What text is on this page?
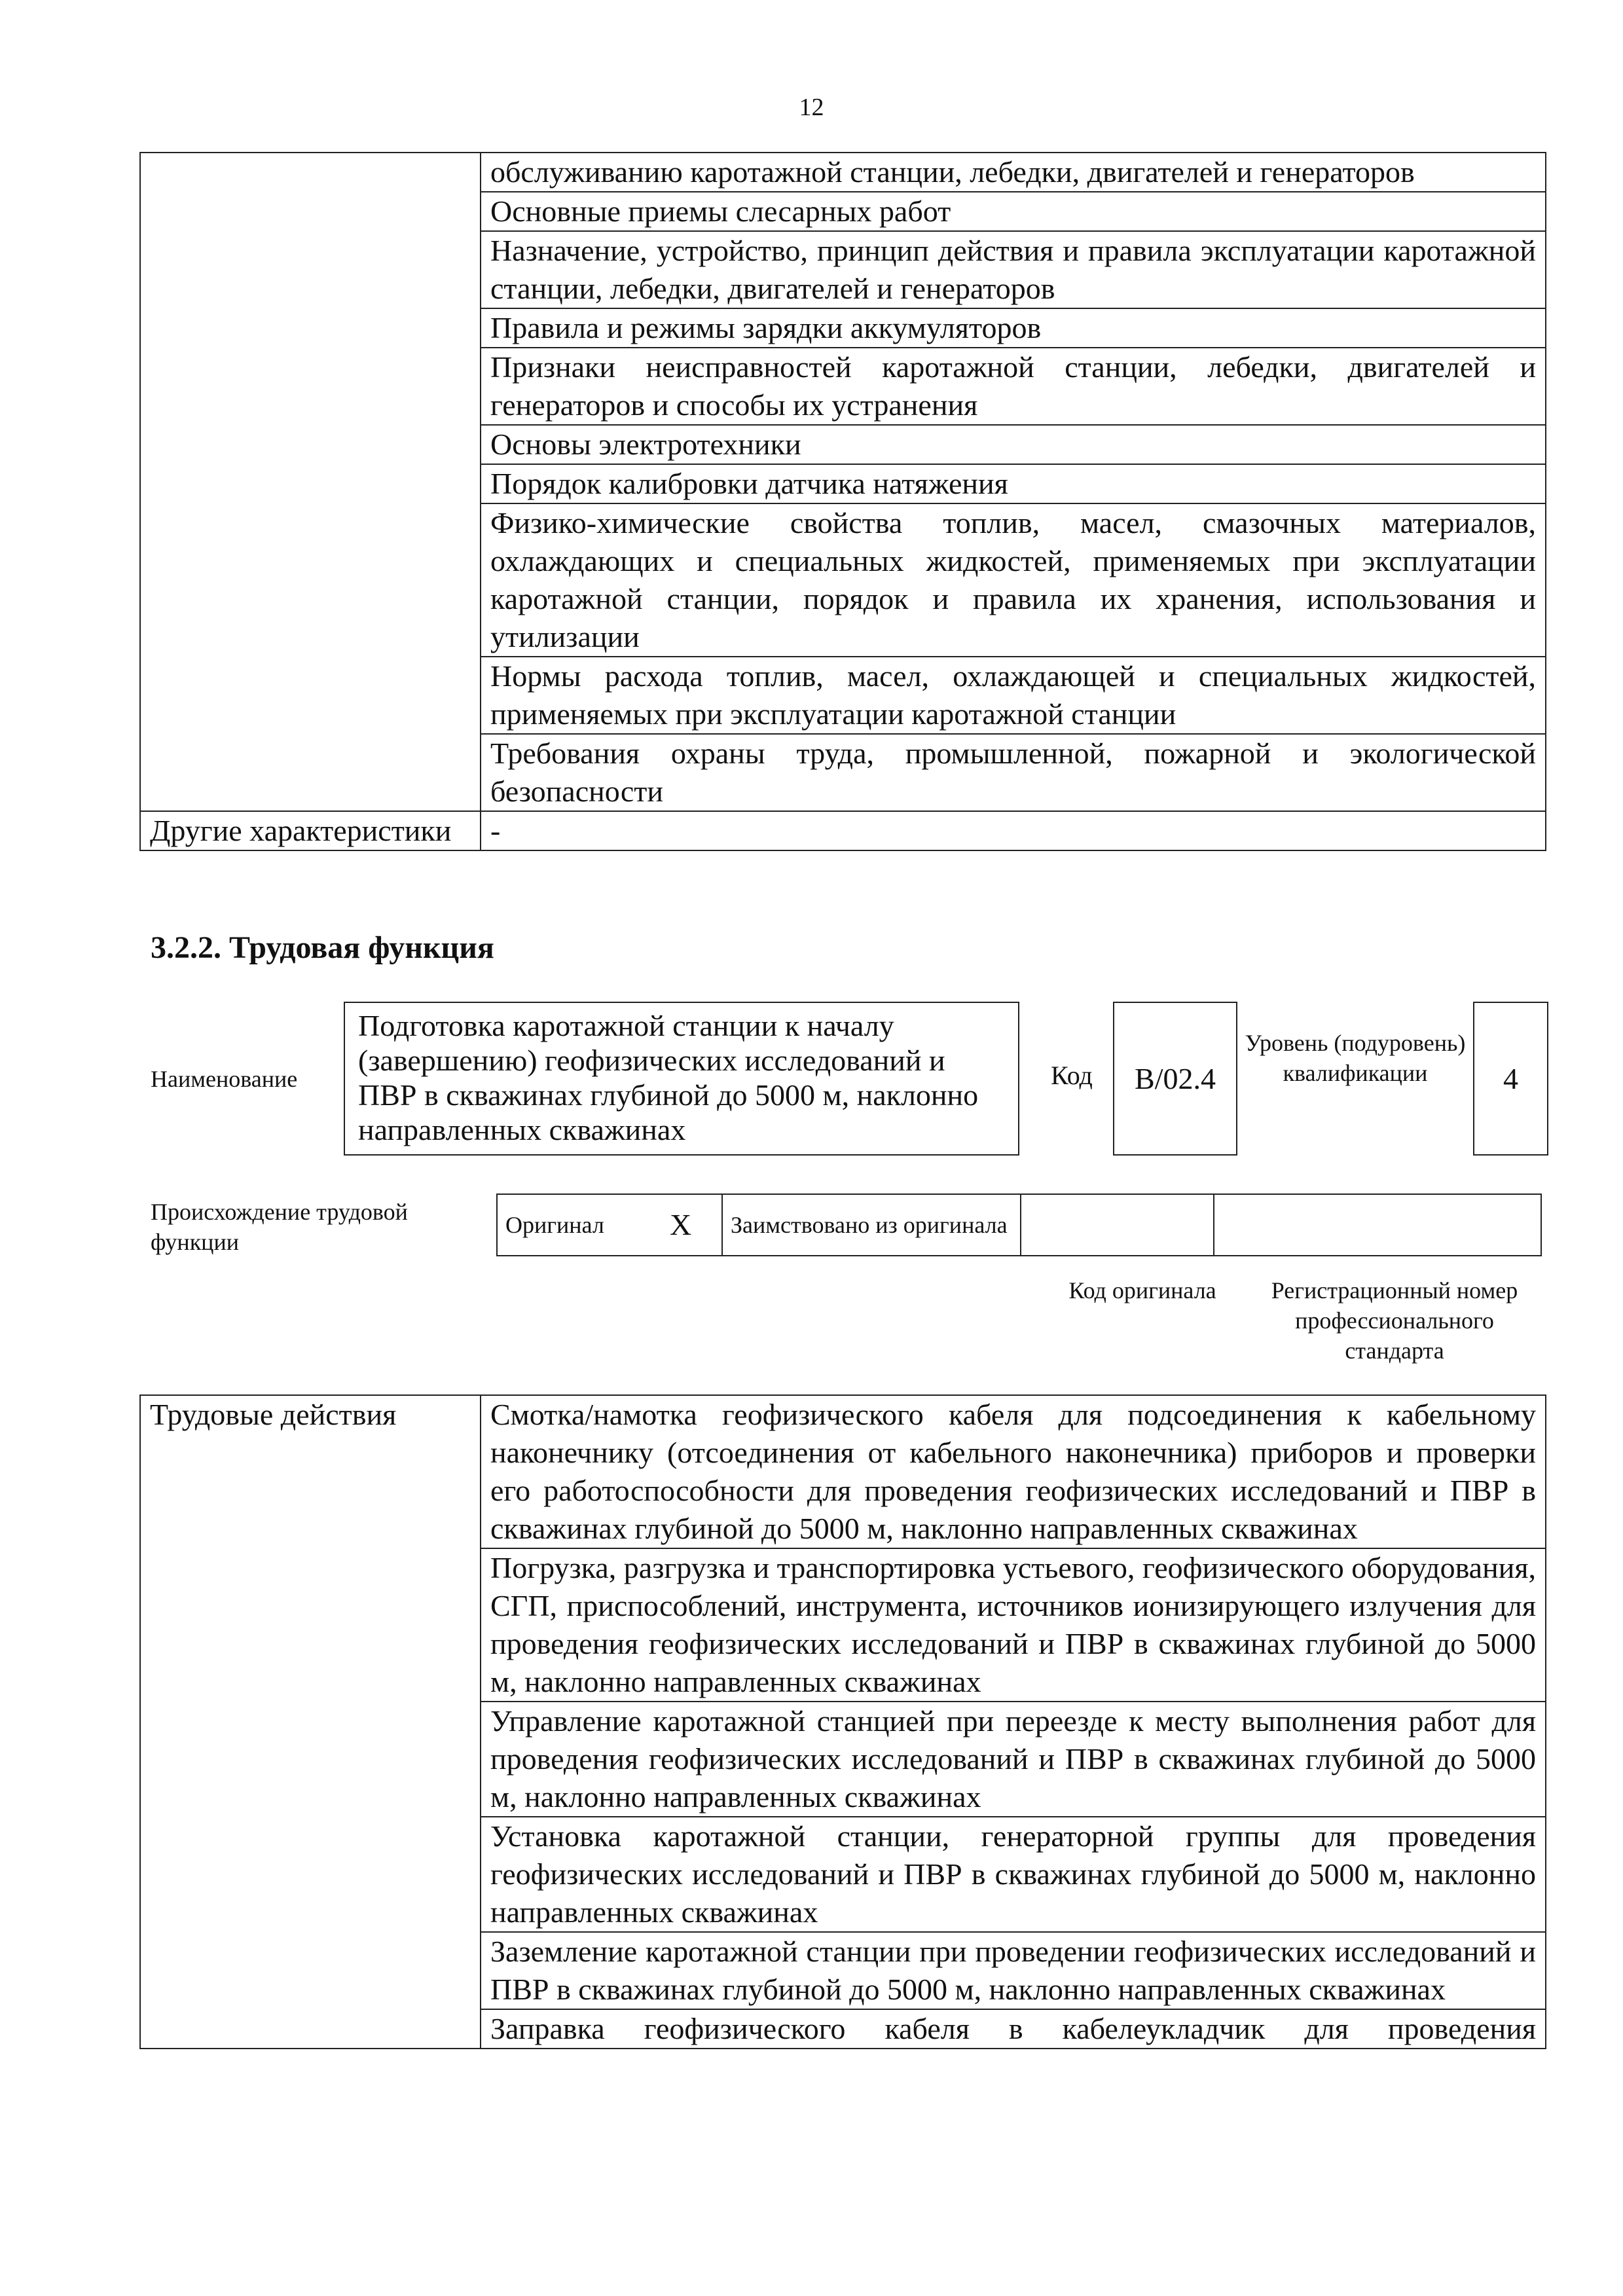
12
	обслуживанию каротажной станции, лебедки, двигателей и генераторов
	Основные приемы слесарных работ
	Назначение, устройство, принцип действия и правила эксплуатации каротажной станции, лебедки, двигателей и генераторов
	Правила и режимы зарядки аккумуляторов
	Признаки неисправностей каротажной станции, лебедки, двигателей и генераторов и способы их устранения
	Основы электротехники
	Порядок калибровки датчика натяжения
	Физико-химические свойства топлив, масел, смазочных материалов, охлаждающих и специальных жидкостей, применяемых при эксплуатации каротажной станции, порядок и правила их хранения, использования и утилизации
	Нормы расхода топлив, масел, охлаждающей и специальных жидкостей, применяемых при эксплуатации каротажной станции
	Требования охраны труда, промышленной, пожарной и экологической безопасности
Другие характеристики	-
3.2.2. Трудовая функция
Наименование
Подготовка каротажной станции к началу (завершению) геофизических исследований и ПВР в скважинах глубиной до 5000 м, наклонно направленных скважинах
Код	В/02.4
Уровень (подуровень) квалификации	4
Происхождение трудовой функции
Оригинал	X	Заимствовано из оригинала		
Код оригинала	Регистрационный номер профессионального стандарта
Трудовые действия	Смотка/намотка геофизического кабеля для подсоединения к кабельному наконечнику (отсоединения от кабельного наконечника) приборов и проверки его работоспособности для проведения геофизических исследований и ПВР в скважинах глубиной до 5000 м, наклонно направленных скважинах
Погрузка, разгрузка и транспортировка устьевого, геофизического оборудования, СГП, приспособлений, инструмента, источников ионизирующего излучения для проведения геофизических исследований и ПВР в скважинах глубиной до 5000 м, наклонно направленных скважинах
Управление каротажной станцией при переезде к месту выполнения работ для проведения геофизических исследований и ПВР в скважинах глубиной до 5000 м, наклонно направленных скважинах
Установка каротажной станции, генераторной группы для проведения геофизических исследований и ПВР в скважинах глубиной до 5000 м, наклонно направленных скважинах
Заземление каротажной станции при проведении геофизических исследований и ПВР в скважинах глубиной до 5000 м, наклонно направленных скважинах
Заправка геофизического кабеля в кабелеукладчик для проведения
